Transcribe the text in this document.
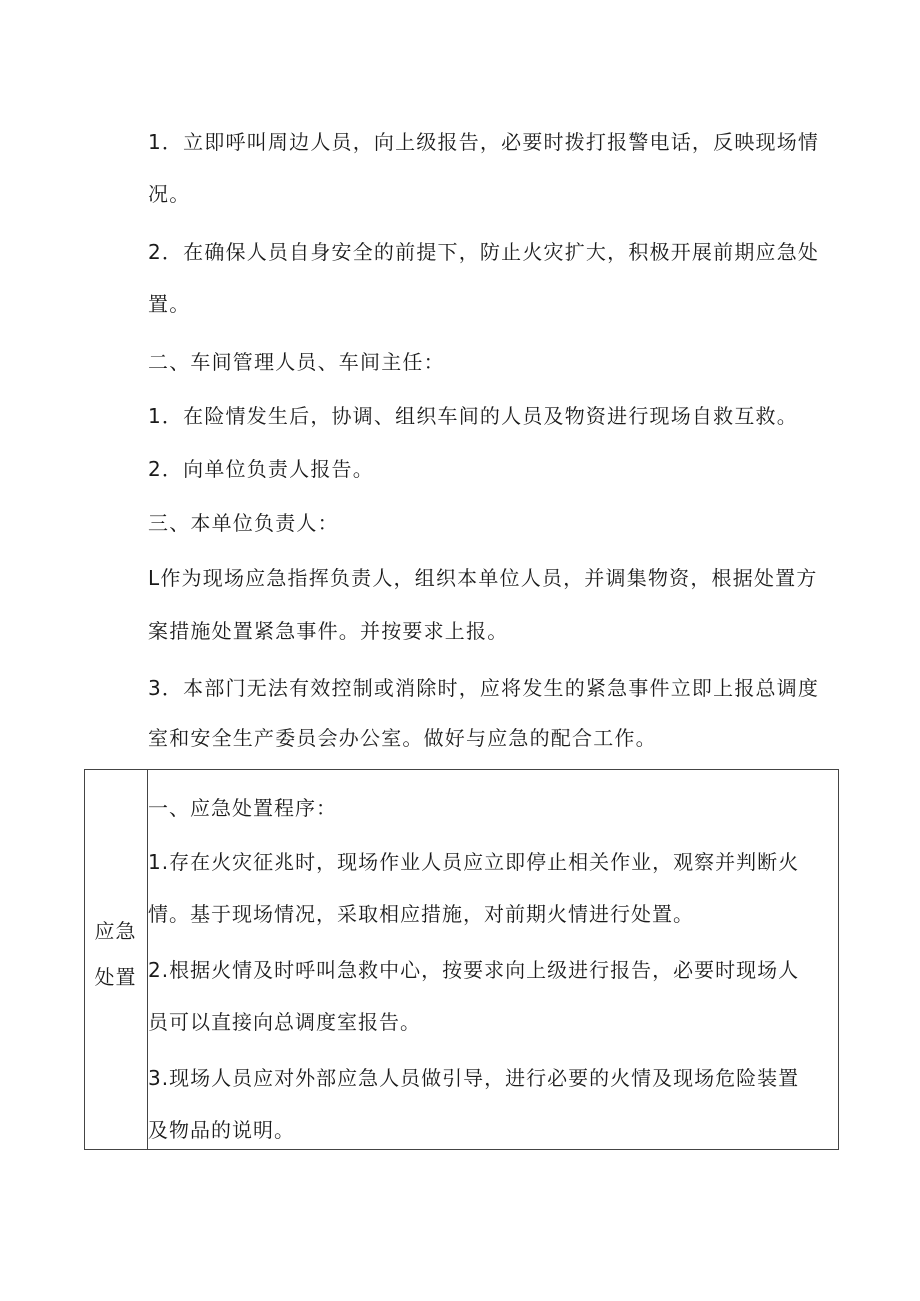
1．立即呼叫周边人员，向上级报告，必要时拨打报警电话，反映现场情

况。

2．在确保人员自身安全的前提下，防止火灾扩大，积极开展前期应急处

置。

二、车间管理人员、车间主任：

1．在险情发生后，协调、组织车间的人员及物资进行现场自救互救。

2．向单位负责人报告。

三、本单位负责人：

L作为现场应急指挥负责人，组织本单位人员，并调集物资，根据处置方

案措施处置紧急事件。并按要求上报。

3．本部门无法有效控制或消除时，应将发生的紧急事件立即上报总调度

室和安全生产委员会办公室。做好与应急的配合工作。

应急
处置

一、应急处置程序：

1.存在火灾征兆时，现场作业人员应立即停止相关作业，观察并判断火

情。基于现场情况，采取相应措施，对前期火情进行处置。

2.根据火情及时呼叫急救中心，按要求向上级进行报告，必要时现场人

员可以直接向总调度室报告。

3.现场人员应对外部应急人员做引导，进行必要的火情及现场危险装置

及物品的说明。
